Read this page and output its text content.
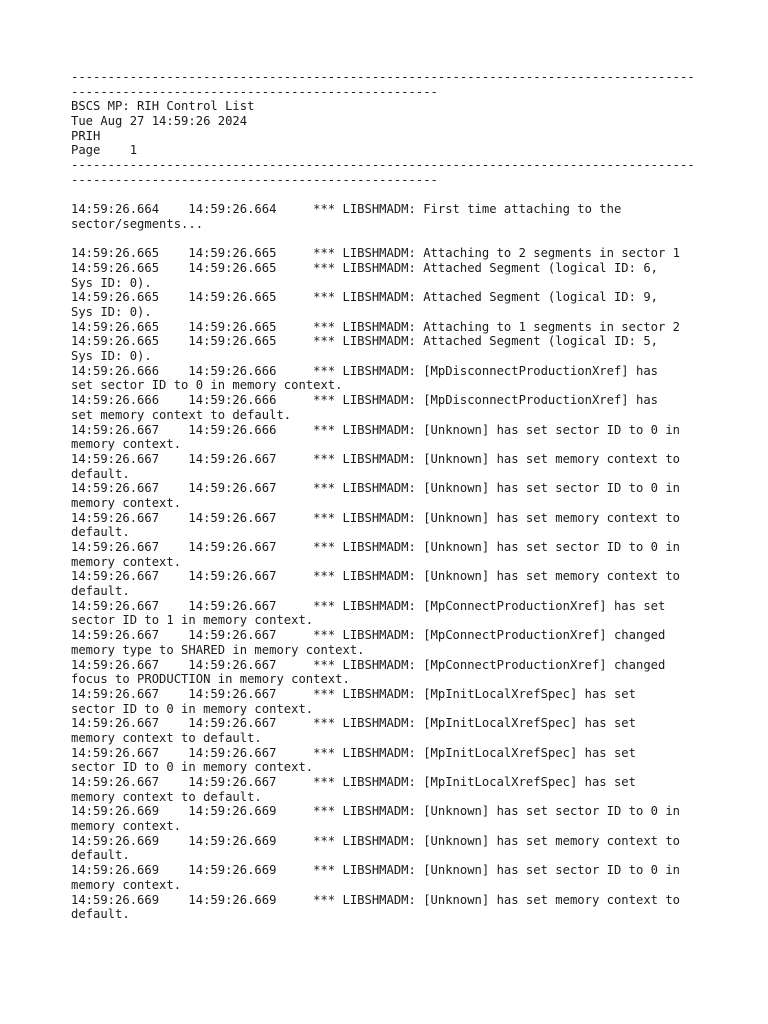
-------------------------------------------------------------------------------------
--------------------------------------------------
BSCS MP: RIH Control List
Tue Aug 27 14:59:26 2024
PRIH
Page    1
-------------------------------------------------------------------------------------
--------------------------------------------------
14:59:26.664    14:59:26.664     *** LIBSHMADM: First time attaching to the
sector/segments...
14:59:26.665    14:59:26.665     *** LIBSHMADM: Attaching to 2 segments in sector 1
14:59:26.665    14:59:26.665     *** LIBSHMADM: Attached Segment (logical ID: 6,
Sys ID: 0).
14:59:26.665    14:59:26.665     *** LIBSHMADM: Attached Segment (logical ID: 9,
Sys ID: 0).
14:59:26.665    14:59:26.665     *** LIBSHMADM: Attaching to 1 segments in sector 2
14:59:26.665    14:59:26.665     *** LIBSHMADM: Attached Segment (logical ID: 5,
Sys ID: 0).
14:59:26.666    14:59:26.666     *** LIBSHMADM: [MpDisconnectProductionXref] has
set sector ID to 0 in memory context.
14:59:26.666    14:59:26.666     *** LIBSHMADM: [MpDisconnectProductionXref] has
set memory context to default.
14:59:26.667    14:59:26.666     *** LIBSHMADM: [Unknown] has set sector ID to 0 in
memory context.
14:59:26.667    14:59:26.667     *** LIBSHMADM: [Unknown] has set memory context to
default.
14:59:26.667    14:59:26.667     *** LIBSHMADM: [Unknown] has set sector ID to 0 in
memory context.
14:59:26.667    14:59:26.667     *** LIBSHMADM: [Unknown] has set memory context to
default.
14:59:26.667    14:59:26.667     *** LIBSHMADM: [Unknown] has set sector ID to 0 in
memory context.
14:59:26.667    14:59:26.667     *** LIBSHMADM: [Unknown] has set memory context to
default.
14:59:26.667    14:59:26.667     *** LIBSHMADM: [MpConnectProductionXref] has set
sector ID to 1 in memory context.
14:59:26.667    14:59:26.667     *** LIBSHMADM: [MpConnectProductionXref] changed
memory type to SHARED in memory context.
14:59:26.667    14:59:26.667     *** LIBSHMADM: [MpConnectProductionXref] changed
focus to PRODUCTION in memory context.
14:59:26.667    14:59:26.667     *** LIBSHMADM: [MpInitLocalXrefSpec] has set
sector ID to 0 in memory context.
14:59:26.667    14:59:26.667     *** LIBSHMADM: [MpInitLocalXrefSpec] has set
memory context to default.
14:59:26.667    14:59:26.667     *** LIBSHMADM: [MpInitLocalXrefSpec] has set
sector ID to 0 in memory context.
14:59:26.667    14:59:26.667     *** LIBSHMADM: [MpInitLocalXrefSpec] has set
memory context to default.
14:59:26.669    14:59:26.669     *** LIBSHMADM: [Unknown] has set sector ID to 0 in
memory context.
14:59:26.669    14:59:26.669     *** LIBSHMADM: [Unknown] has set memory context to
default.
14:59:26.669    14:59:26.669     *** LIBSHMADM: [Unknown] has set sector ID to 0 in
memory context.
14:59:26.669    14:59:26.669     *** LIBSHMADM: [Unknown] has set memory context to
default.
